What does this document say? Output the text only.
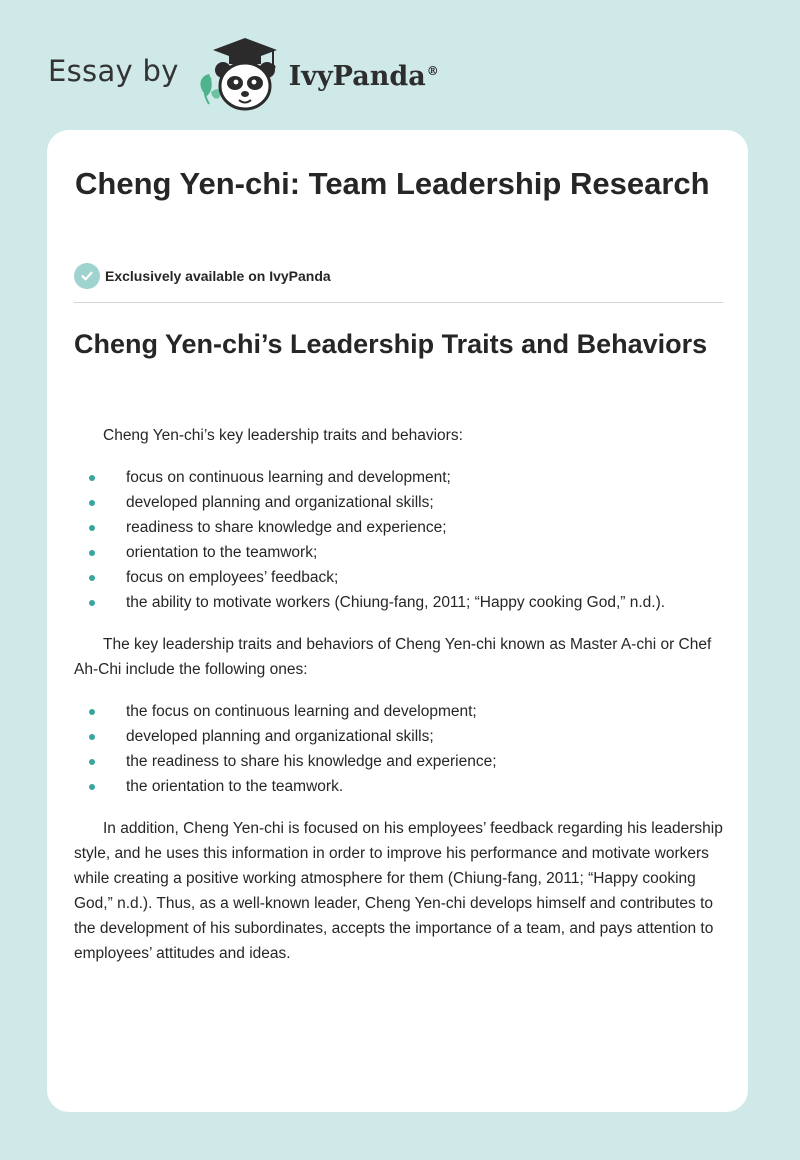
Essay by	IvyPanda®
Cheng Yen-chi: Team Leadership Research
Exclusively available on IvyPanda
Cheng Yen-chi’s Leadership Traits and Behaviors

Cheng Yen-chi’s key leadership traits and behaviors:

focus on continuous learning and development;
developed planning and organizational skills;
readiness to share knowledge and experience;
orientation to the teamwork;
focus on employees’ feedback;
the ability to motivate workers (Chiung-fang, 2011; “Happy cooking God,” n.d.).

The key leadership traits and behaviors of Cheng Yen-chi known as Master A-chi or Chef Ah-Chi include the following ones:

the focus on continuous learning and development;
developed planning and organizational skills;
the readiness to share his knowledge and experience;
the orientation to the teamwork.

In addition, Cheng Yen-chi is focused on his employees’ feedback regarding his leadership style, and he uses this information in order to improve his performance and motivate workers while creating a positive working atmosphere for them (Chiung-fang, 2011; “Happy cooking God,” n.d.). Thus, as a well-known leader, Cheng Yen-chi develops himself and contributes to the development of his subordinates, accepts the importance of a team, and pays attention to employees’ attitudes and ideas.
